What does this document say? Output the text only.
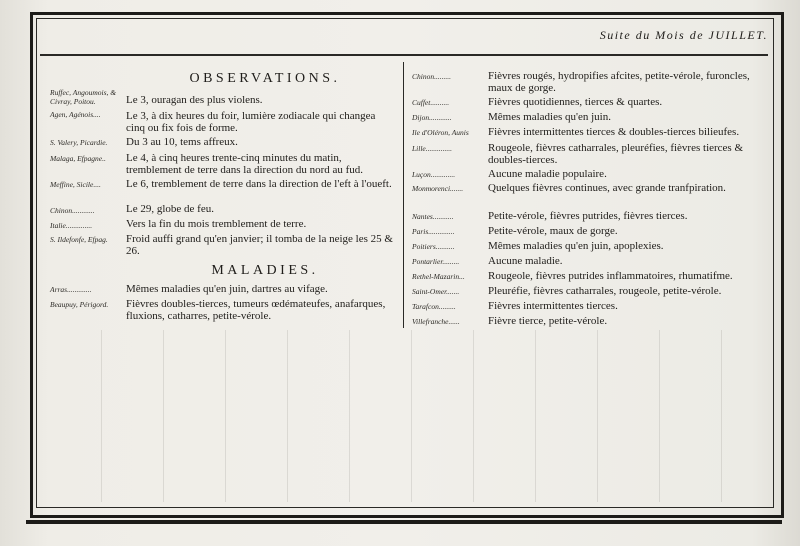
Suite du Mois de JUILLET.
OBSERVATIONS.
Ruffec, Angoumois, & Civray, Poitou.	Le 3, ouragan des plus violens.
Agen, Agénois....	Le 3, à dix heures du foir, lumière zodiacale qui changea cinq ou fix fois de forme.
S. Valery, Picardie.	Du 3 au 10, tems affreux.
Malaga, Efpagne..	Le 4, à cinq heures trente-cinq minutes du matin, tremblement de terre dans la direction du nord au fud.
Meffine, Sicile....	Le 6, tremblement de terre dans la direction de l'eft à l'oueft.
Chinon............	Le 29, globe de feu.
Italie..............	Vers la fin du mois tremblement de terre.
S. Ildefonfe, Efpag.	Froid auffi grand qu'en janvier; il tomba de la neige les 25 & 26.
MALADIES.
Arras.............	Mêmes maladies qu'en juin, dartres au vifage.
Beaupuy, Périgord.	Fièvres doubles-tierces, tumeurs œdémateufes, anafarques, fluxions, catharres, petite-vérole.
Chinon.........	Fièvres rougés, hydropifies afcites, petite-vérole, furoncles, maux de gorge.
Cuffet..........	Fièvres quotidiennes, tierces & quartes.
Dijon............	Mêmes maladies qu'en juin.
Ile d'Oléron, Aunis	Fièvres intermittentes tierces & doubles-tierces bilieufes.
Lille..............	Rougeole, fièvres catharrales, pleuréfies, fièvres tierces & doubles-tierces.
Luçon.............	Aucune maladie populaire.
Monmorenci.......	Quelques fièvres continues, avec grande tranfpiration.
Nantes...........	Petite-vérole, fièvres putrides, fièvres tierces.
Paris..............	Petite-vérole, maux de gorge.
Poitiers..........	Mêmes maladies qu'en juin, apoplexies.
Pontarlier.........	Aucune maladie.
Rethel-Mazarin...	Rougeole, fièvres putrides inflammatoires, rhumatifme.
Saint-Omer.......	Pleuréfie, fièvres catharrales, rougeole, petite-vérole.
Tarafcon.........	Fièvres intermittentes tierces.
Villefranche......	Fièvre tierce, petite-vérole.
